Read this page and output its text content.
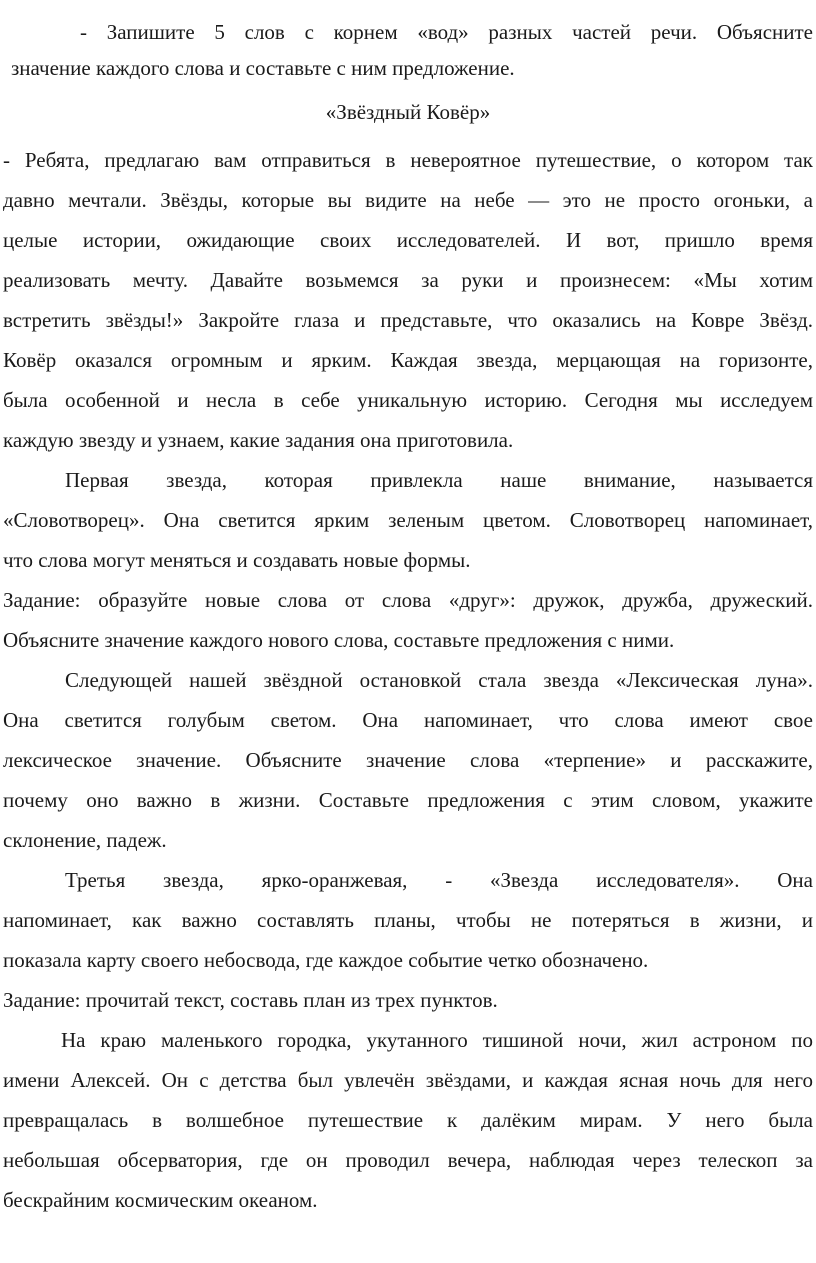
- Запишите 5 слов с корнем «вод» разных частей речи. Объясните
значение каждого слова и составьте с ним предложение.
«Звёздный Ковёр»
- Ребята, предлагаю вам отправиться в невероятное путешествие, о котором так
давно мечтали. Звёзды, которые вы видите на небе — это не просто огоньки, а
целые истории, ожидающие своих исследователей. И вот, пришло время
реализовать мечту. Давайте возьмемся за руки и произнесем: «Мы хотим
встретить звёзды!» Закройте глаза и представьте, что оказались на Ковре Звёзд.
Ковёр оказался огромным и ярким. Каждая звезда, мерцающая на горизонте,
была особенной и несла в себе уникальную историю. Сегодня мы исследуем
каждую звезду и узнаем, какие задания она приготовила.
Первая звезда, которая привлекла наше внимание, называется
«Словотворец». Она светится ярким зеленым цветом. Словотворец напоминает,
что слова могут меняться и создавать новые формы.
Задание: образуйте новые слова от слова «друг»: дружок, дружба, дружеский.
Объясните значение каждого нового слова, составьте предложения с ними.
Следующей нашей звёздной остановкой стала звезда «Лексическая луна».
Она светится голубым светом. Она напоминает, что слова имеют свое
лексическое значение. Объясните значение слова «терпение» и расскажите,
почему оно важно в жизни. Составьте предложения с этим словом, укажите
склонение, падеж.
Третья звезда, ярко-оранжевая, - «Звезда исследователя». Она
напоминает, как важно составлять планы, чтобы не потеряться в жизни, и
показала карту своего небосвода, где каждое событие четко обозначено.
Задание: прочитай текст, составь план из трех пунктов.
На краю маленького городка, укутанного тишиной ночи, жил астроном по
имени Алексей. Он с детства был увлечён звёздами, и каждая ясная ночь для него
превращалась в волшебное путешествие к далёким мирам. У него была
небольшая обсерватория, где он проводил вечера, наблюдая через телескоп за
бескрайним космическим океаном.
